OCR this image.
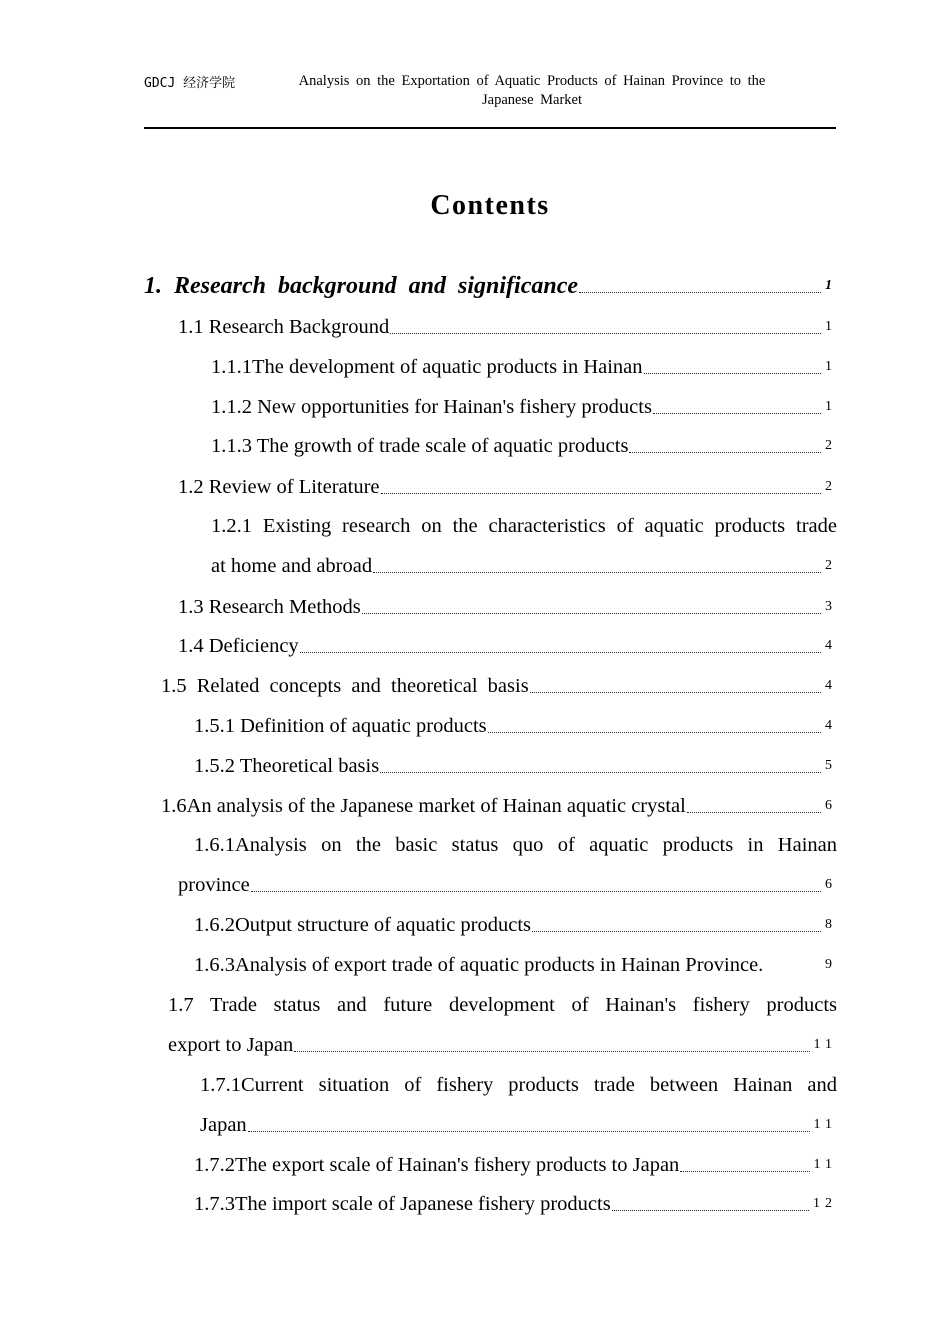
GDCJ 经济学院	Analysis on the Exportation of Aquatic Products of Hainan Province to the Japanese Market
Contents
1. Research background and significance	1
1.1 Research Background	1
1.1.1The development of aquatic products in Hainan	1
1.1.2 New opportunities for Hainan's fishery products	1
1.1.3 The growth of trade scale of aquatic products	2
1.2 Review of Literature	2
1.2.1 Existing research on the characteristics of aquatic products trade
at home and abroad	2
1.3 Research Methods	3
1.4 Deficiency	4
1.5 Related concepts and theoretical basis	4
1.5.1 Definition of aquatic products	4
1.5.2 Theoretical basis	5
1.6An analysis of the Japanese market of Hainan aquatic crystal	6
1.6.1Analysis on the basic status quo of aquatic products in Hainan
province	6
1.6.2Output structure of aquatic products	8
1.6.3Analysis of export trade of aquatic products in Hainan Province.	9
1.7 Trade status and future development of Hainan's fishery products
export to Japan	11
1.7.1Current situation of fishery products trade between Hainan and
Japan	11
1.7.2The export scale of Hainan's fishery products to Japan	11
1.7.3The import scale of Japanese fishery products	12
